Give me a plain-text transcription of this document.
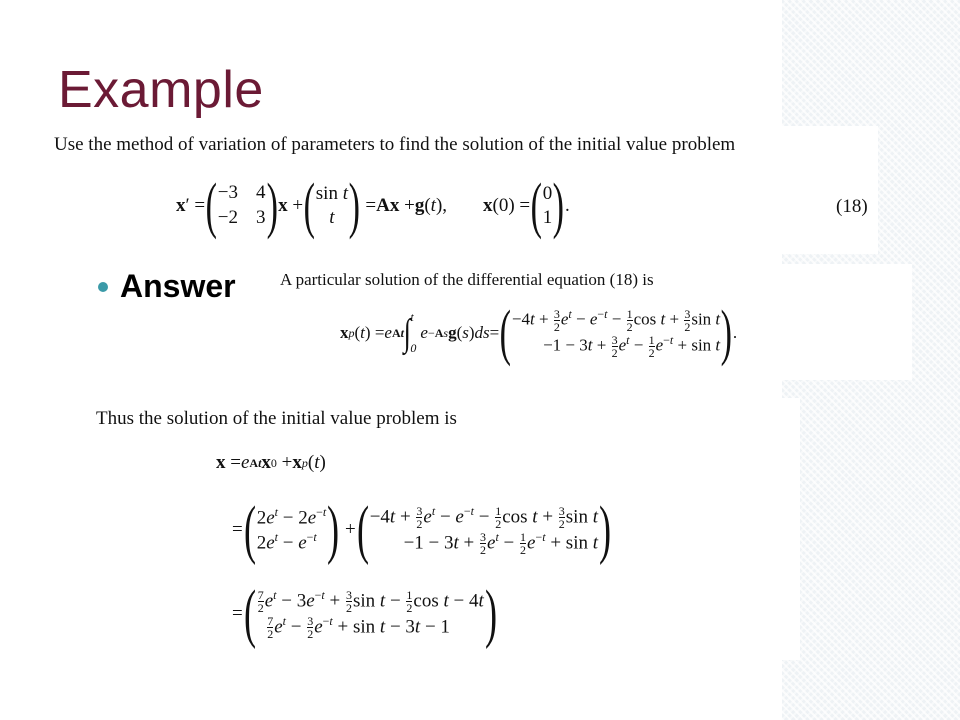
Example
Use the method of variation of parameters to find the solution of the initial value problem
x ′ = ( −3 4
−2 3 ) x + ( sin t
t ) = Ax + g ( t ), x (0) = ( 0
1 ) .	(18)
Answer	A particular solution of the differential equation (18) is
x p ( t ) = e At ∫ t
0
e −As g ( s ) ds = ( $-4t + \frac{3}{2} e^t - e^{-t} - \frac{1}{2}$ $\cos t + \frac{3}{2}$ sin t
$-1 - 3t + \frac{3}{2} e^t - \frac{1}{2} e^{-t} + \sin t$ ) .
Thus the solution of the initial value problem is
x = e At x 0 + x p ( t )
= ( $2e^t - 2e^{-t}$
$2e^t - e^{-t}$ ) + ( $-4t + \frac{3}{2} e^t - e^{-t} - \frac{1}{2}$ $\cos t + \frac{3}{2}$ sin t
$-1 - 3t + \frac{3}{2} e^t - \frac{1}{2} e^{-t} + \sin t$ )
= ( $\frac{7}{2} e^t - 3e^{-t} + \frac{3}{2}$ $\sin t - \frac{1}{2}$ cos t − 4t

$\frac{7}{2} e^t - \frac{3}{2} e^{-t} + \sin t - 3t - 1$ )
